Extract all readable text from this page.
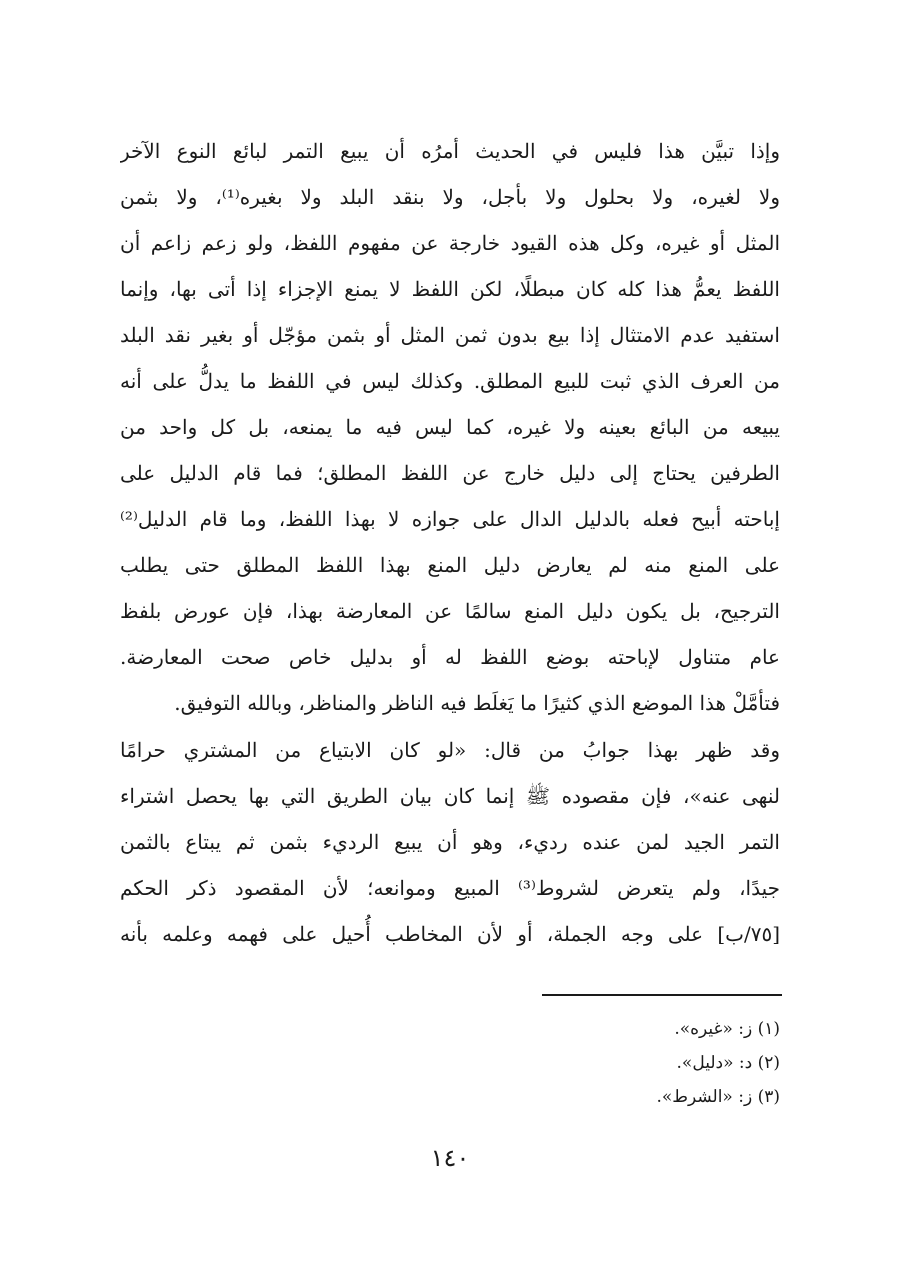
وإذا تبيَّن هذا فليس في الحديث أمرُه أن يبيع التمر لبائع النوع الآخر
ولا لغيره، ولا بحلول ولا بأجل، ولا بنقد البلد ولا بغيره⁽¹⁾، ولا بثمن
المثل أو غيره، وكل هذه القيود خارجة عن مفهوم اللفظ، ولو زعم زاعم أن
اللفظ يعمُّ هذا كله كان مبطلًا، لكن اللفظ لا يمنع الإجزاء إذا أتى بها، وإنما
استفيد عدم الامتثال إذا بيع بدون ثمن المثل أو بثمن مؤجّل أو بغير نقد البلد
من العرف الذي ثبت للبيع المطلق. وكذلك ليس في اللفظ ما يدلُّ على أنه
يبيعه من البائع بعينه ولا غيره، كما ليس فيه ما يمنعه، بل كل واحد من
الطرفين يحتاج إلى دليل خارج عن اللفظ المطلق؛ فما قام الدليل على
إباحته أبيح فعله بالدليل الدال على جوازه لا بهذا اللفظ، وما قام الدليل⁽²⁾
على المنع منه لم يعارض دليل المنع بهذا اللفظ المطلق حتى يطلب
الترجيح، بل يكون دليل المنع سالمًا عن المعارضة بهذا، فإن عورض بلفظ
عام متناول لإباحته بوضع اللفظ له أو بدليل خاص صحت المعارضة.
فتأمَّلْ هذا الموضع الذي كثيرًا ما يَغلَط فيه الناظر والمناظر، وبالله التوفيق.
وقد ظهر بهذا جوابُ من قال: «لو كان الابتياع من المشتري حرامًا
لنهى عنه»، فإن مقصوده ﷺ إنما كان بيان الطريق التي بها يحصل اشتراء
التمر الجيد لمن عنده رديء، وهو أن يبيع الرديء بثمن ثم يبتاع بالثمن
جيدًا، ولم يتعرض لشروط⁽³⁾ المبيع وموانعه؛ لأن المقصود ذكر الحكم
[٧٥/ب] على وجه الجملة، أو لأن المخاطب أُحيل على فهمه وعلمه بأنه
(١) ز: «غيره».
(٢) د: «دليل».
(٣) ز: «الشرط».
١٤٠
